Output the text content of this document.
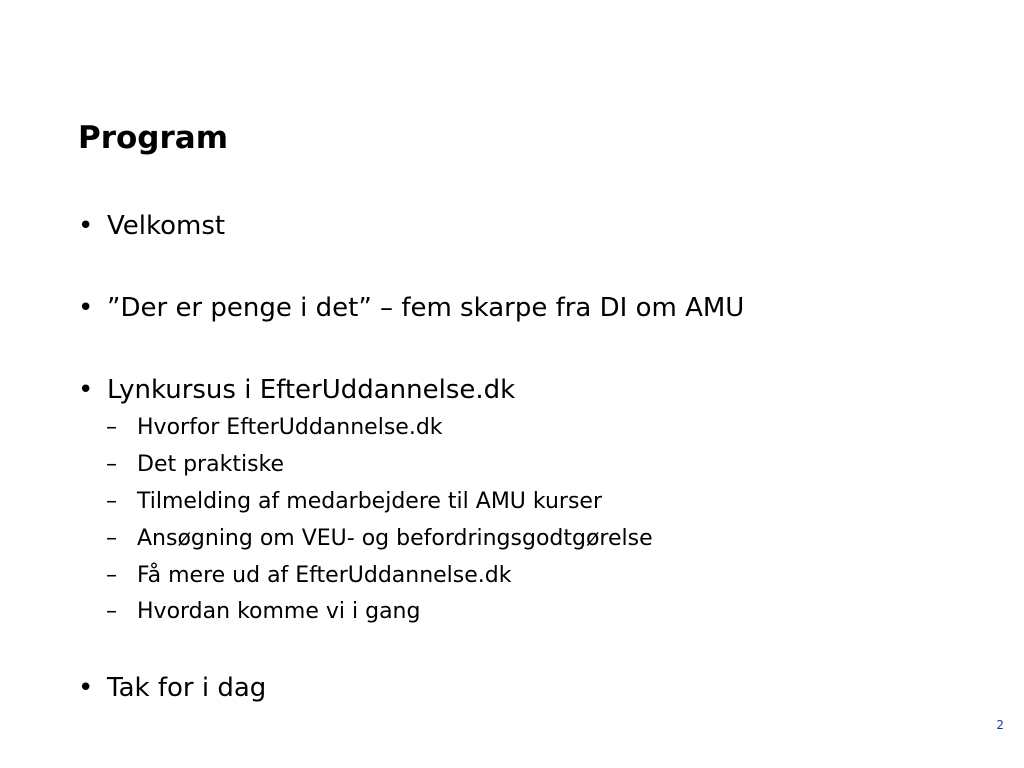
Program
• Velkomst
• ”Der er penge i det” – fem skarpe fra DI om AMU
• Lynkursus i EfterUddannelse.dk
– Hvorfor EfterUddannelse.dk
– Det praktiske
– Tilmelding af medarbejdere til AMU kurser
– Ansøgning om VEU- og befordringsgodtgørelse
– Få mere ud af EfterUddannelse.dk
– Hvordan komme vi i gang
• Tak for i dag
2
